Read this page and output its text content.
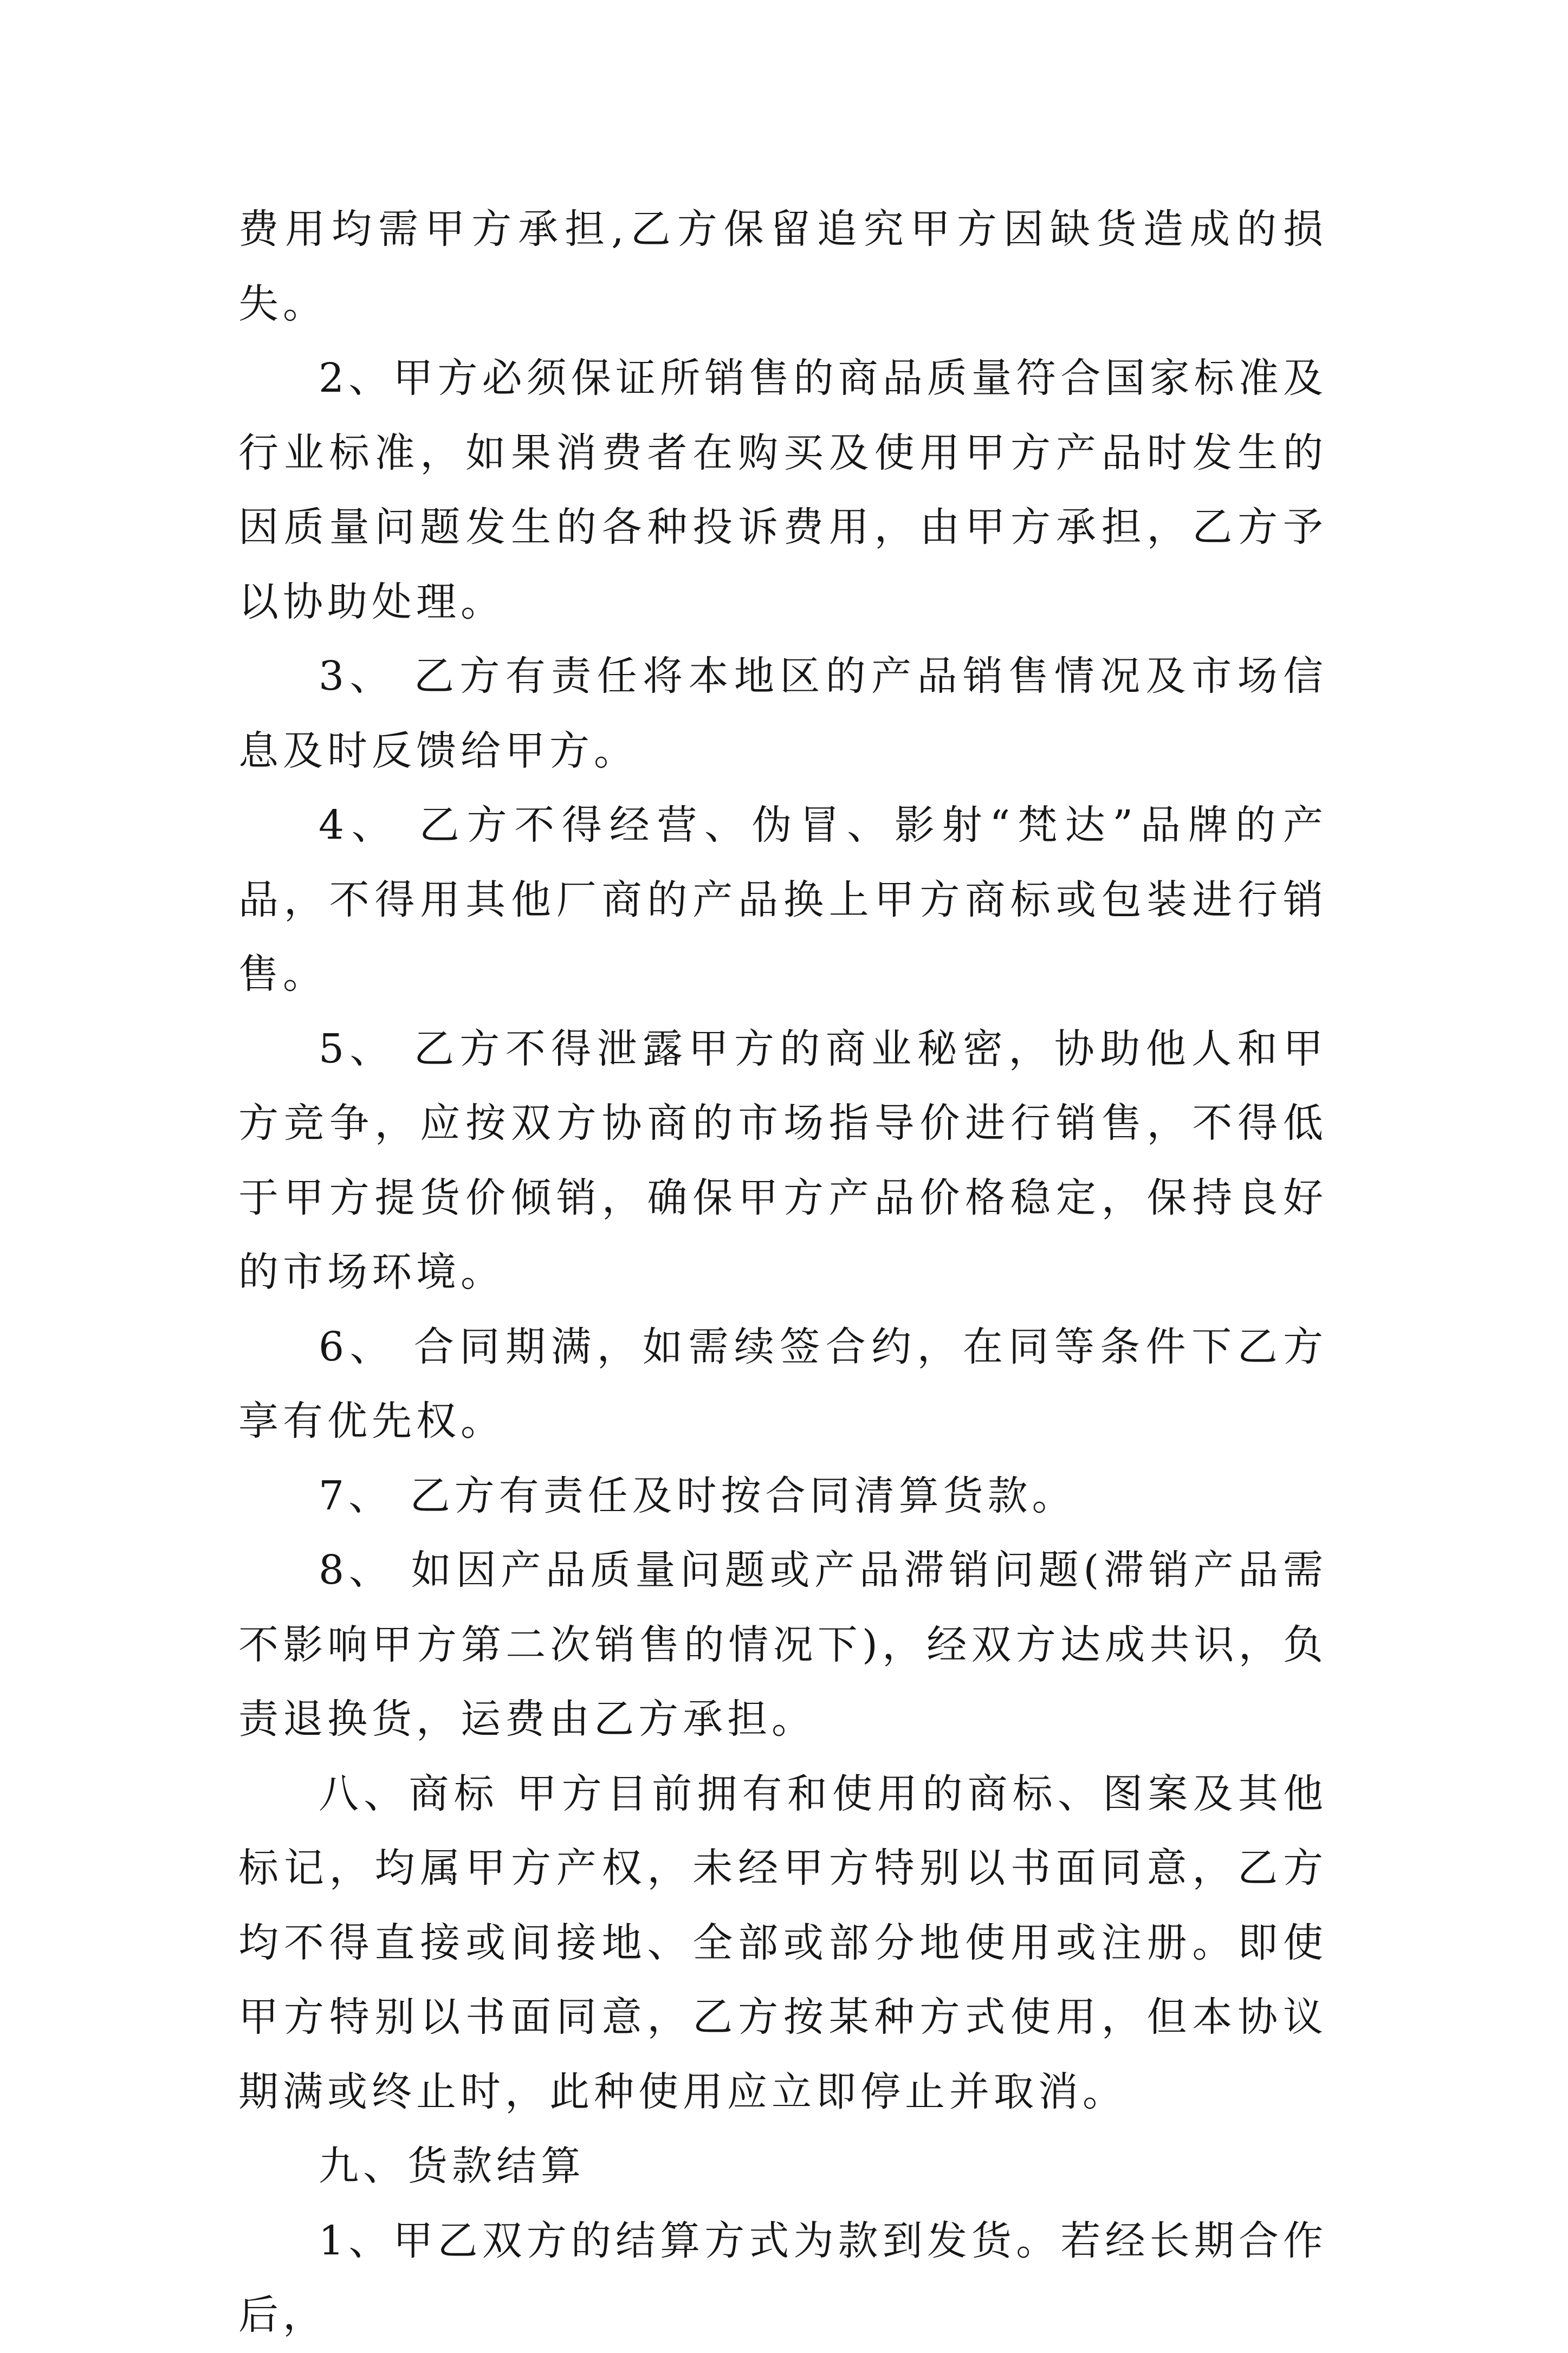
费用均需甲方承担,乙方保留追究甲方因缺货造成的损失。

2、甲方必须保证所销售的商品质量符合国家标准及行业标准，如果消费者在购买及使用甲方产品时发生的因质量问题发生的各种投诉费用，由甲方承担，乙方予以协助处理。

3、 乙方有责任将本地区的产品销售情况及市场信息及时反馈给甲方。

4、 乙方不得经营、伪冒、影射“梵达”品牌的产品，不得用其他厂商的产品换上甲方商标或包装进行销售。

5、 乙方不得泄露甲方的商业秘密，协助他人和甲方竞争，应按双方协商的市场指导价进行销售，不得低于甲方提货价倾销，确保甲方产品价格稳定，保持良好的市场环境。

6、 合同期满，如需续签合约，在同等条件下乙方享有优先权。

7、 乙方有责任及时按合同清算货款。

8、 如因产品质量问题或产品滞销问题(滞销产品需不影响甲方第二次销售的情况下)，经双方达成共识，负责退换货，运费由乙方承担。

八、商标 甲方目前拥有和使用的商标、图案及其他标记，均属甲方产权，未经甲方特别以书面同意，乙方均不得直接或间接地、全部或部分地使用或注册。即使甲方特别以书面同意，乙方按某种方式使用，但本协议期满或终止时，此种使用应立即停止并取消。

九、货款结算

1、甲乙双方的结算方式为款到发货。若经长期合作后，
